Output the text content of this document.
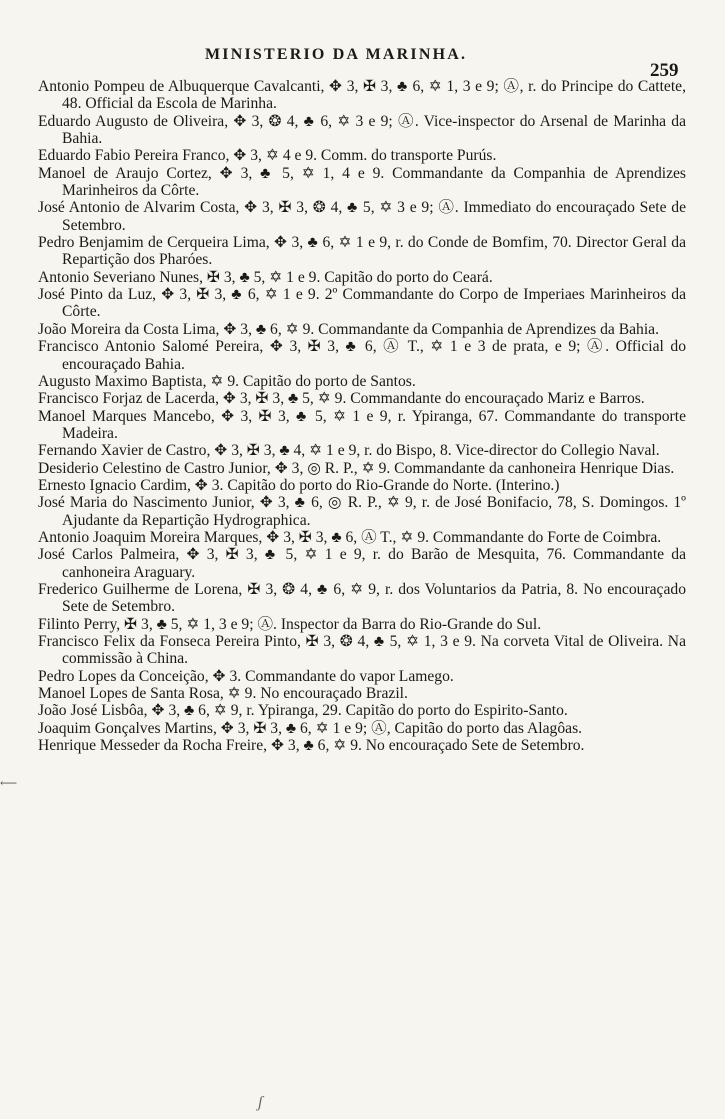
MINISTERIO DA MARINHA.
259

Antonio Pompeu de Albuquerque Cavalcanti, ✥ 3, ✠ 3, ♣ 6, ✡ 1, 3 e 9; Ⓐ, r. do Principe do Cattete, 48. Official da Escola de Marinha.

Eduardo Augusto de Oliveira, ✥ 3, ❂ 4, ♣ 6, ✡ 3 e 9; Ⓐ. Vice-inspector do Arsenal de Marinha da Bahia.

Eduardo Fabio Pereira Franco, ✥ 3, ✡ 4 e 9. Comm. do transporte Purús.

Manoel de Araujo Cortez, ✥ 3, ♣ 5, ✡ 1, 4 e 9. Commandante da Companhia de Aprendizes Marinheiros da Côrte.

José Antonio de Alvarim Costa, ✥ 3, ✠ 3, ❂ 4, ♣ 5, ✡ 3 e 9; Ⓐ. Immediato do encouraçado Sete de Setembro.

Pedro Benjamim de Cerqueira Lima, ✥ 3, ♣ 6, ✡ 1 e 9, r. do Conde de Bomfim, 70. Director Geral da Repartição dos Pharóes.

Antonio Severiano Nunes, ✠ 3, ♣ 5, ✡ 1 e 9. Capitão do porto do Ceará.

José Pinto da Luz, ✥ 3, ✠ 3, ♣ 6, ✡ 1 e 9. 2º Commandante do Corpo de Imperiaes Marinheiros da Côrte.

João Moreira da Costa Lima, ✥ 3, ♣ 6, ✡ 9. Commandante da Companhia de Aprendizes da Bahia.

Francisco Antonio Salomé Pereira, ✥ 3, ✠ 3, ♣ 6, Ⓐ T., ✡ 1 e 3 de prata, e 9; Ⓐ. Official do encouraçado Bahia.

Augusto Maximo Baptista, ✡ 9. Capitão do porto de Santos.

Francisco Forjaz de Lacerda, ✥ 3, ✠ 3, ♣ 5, ✡ 9. Commandante do encouraçado Mariz e Barros.

Manoel Marques Mancebo, ✥ 3, ✠ 3, ♣ 5, ✡ 1 e 9, r. Ypiranga, 67. Commandante do transporte Madeira.

Fernando Xavier de Castro, ✥ 3, ✠ 3, ♣ 4, ✡ 1 e 9, r. do Bispo, 8. Vice-director do Collegio Naval.

Desiderio Celestino de Castro Junior, ✥ 3, ◎ R. P., ✡ 9. Commandante da canhoneira Henrique Dias.

Ernesto Ignacio Cardim, ✥ 3. Capitão do porto do Rio-Grande do Norte. (Interino.)

José Maria do Nascimento Junior, ✥ 3, ♣ 6, ◎ R. P., ✡ 9, r. de José Bonifacio, 78, S. Domingos. 1º Ajudante da Repartição Hydrographica.

Antonio Joaquim Moreira Marques, ✥ 3, ✠ 3, ♣ 6, Ⓐ T., ✡ 9. Commandante do Forte de Coimbra.

José Carlos Palmeira, ✥ 3, ✠ 3, ♣ 5, ✡ 1 e 9, r. do Barão de Mesquita, 76. Commandante da canhoneira Araguary.

Frederico Guilherme de Lorena, ✠ 3, ❂ 4, ♣ 6, ✡ 9, r. dos Voluntarios da Patria, 8. No encouraçado Sete de Setembro.

Filinto Perry, ✠ 3, ♣ 5, ✡ 1, 3 e 9; Ⓐ. Inspector da Barra do Rio-Grande do Sul.

Francisco Felix da Fonseca Pereira Pinto, ✠ 3, ❂ 4, ♣ 5, ✡ 1, 3 e 9. Na corveta Vital de Oliveira. Na commissão à China.

Pedro Lopes da Conceição, ✥ 3. Commandante do vapor Lamego.

Manoel Lopes de Santa Rosa, ✡ 9. No encouraçado Brazil.

João José Lisbôa, ✥ 3, ♣ 6, ✡ 9, r. Ypiranga, 29. Capitão do porto do Espirito-Santo.

Joaquim Gonçalves Martins, ✥ 3, ✠ 3, ♣ 6, ✡ 1 e 9; Ⓐ, Capitão do porto das Alagôas.

Henrique Messeder da Rocha Freire, ✥ 3, ♣ 6, ✡ 9. No encouraçado Sete de Setembro.

⟵
ʃ
